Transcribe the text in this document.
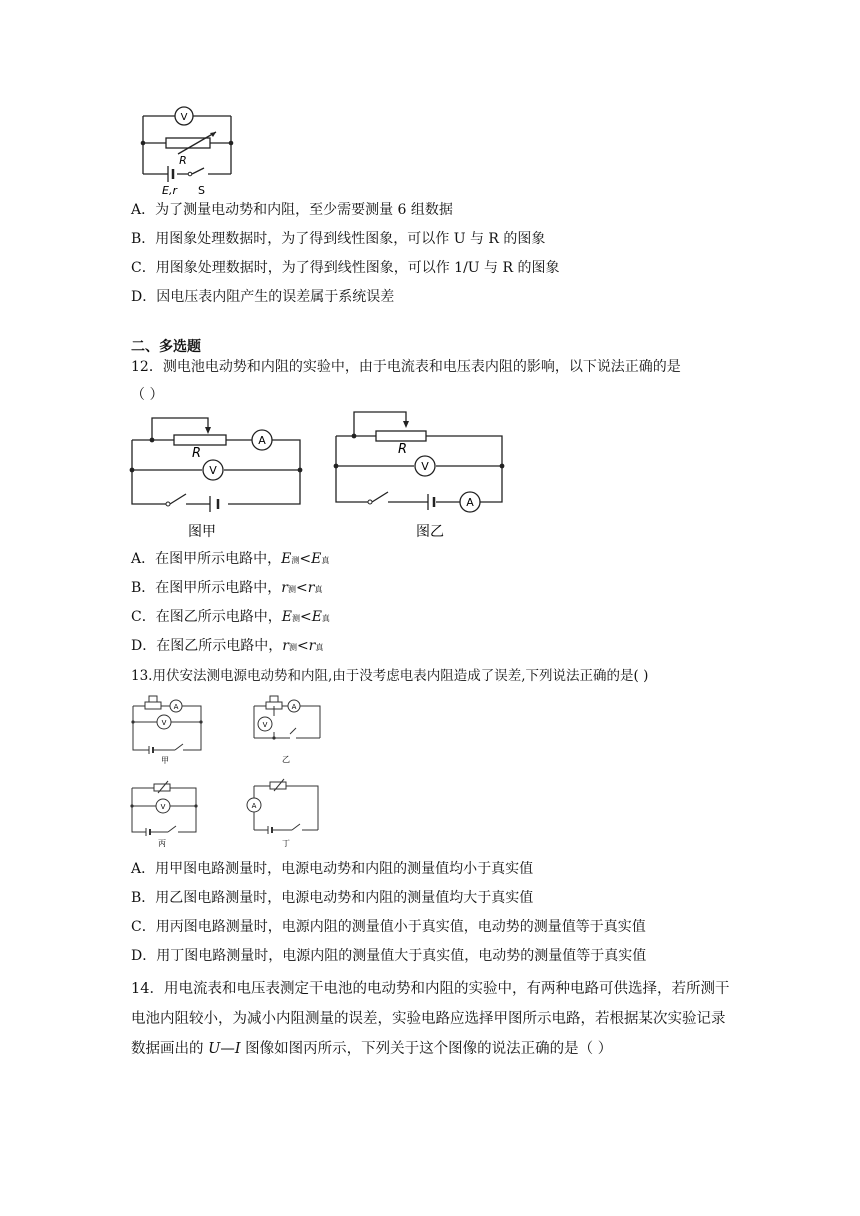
V
R
E,r S
A．为了测量电动势和内阻，至少需要测量 6 组数据
B．用图象处理数据时，为了得到线性图象，可以作 U 与 R 的图象
C．用图象处理数据时，为了得到线性图象，可以作 1/U 与 R 的图象
D．因电压表内阻产生的误差属于系统误差
二、多选题
12．测电池电动势和内阻的实验中，由于电流表和电压表内阻的影响，以下说法正确的是
（ ）
A
V
R
图甲
V
A
R
图乙
A．在图甲所示电路中，E测<E真
B．在图甲所示电路中，r测<r真
C．在图乙所示电路中，E测<E真
D．在图乙所示电路中，r测<r真
13.用伏安法测电源电动势和内阻,由于没考虑电表内阻造成了误差,下列说法正确的是( )
A
V
甲
A
V
乙
V
丙
A
丁
A．用甲图电路测量时，电源电动势和内阻的测量值均小于真实值
B．用乙图电路测量时，电源电动势和内阻的测量值均大于真实值
C．用丙图电路测量时，电源内阻的测量值小于真实值，电动势的测量值等于真实值
D．用丁图电路测量时，电源内阻的测量值大于真实值，电动势的测量值等于真实值
14．用电流表和电压表测定干电池的电动势和内阻的实验中，有两种电路可供选择，若所测干电池内阻较小，为减小内阻测量的误差，实验电路应选择甲图所示电路，若根据某次实验记录数据画出的 U—I 图像如图丙所示，下列关于这个图像的说法正确的是（ ）
